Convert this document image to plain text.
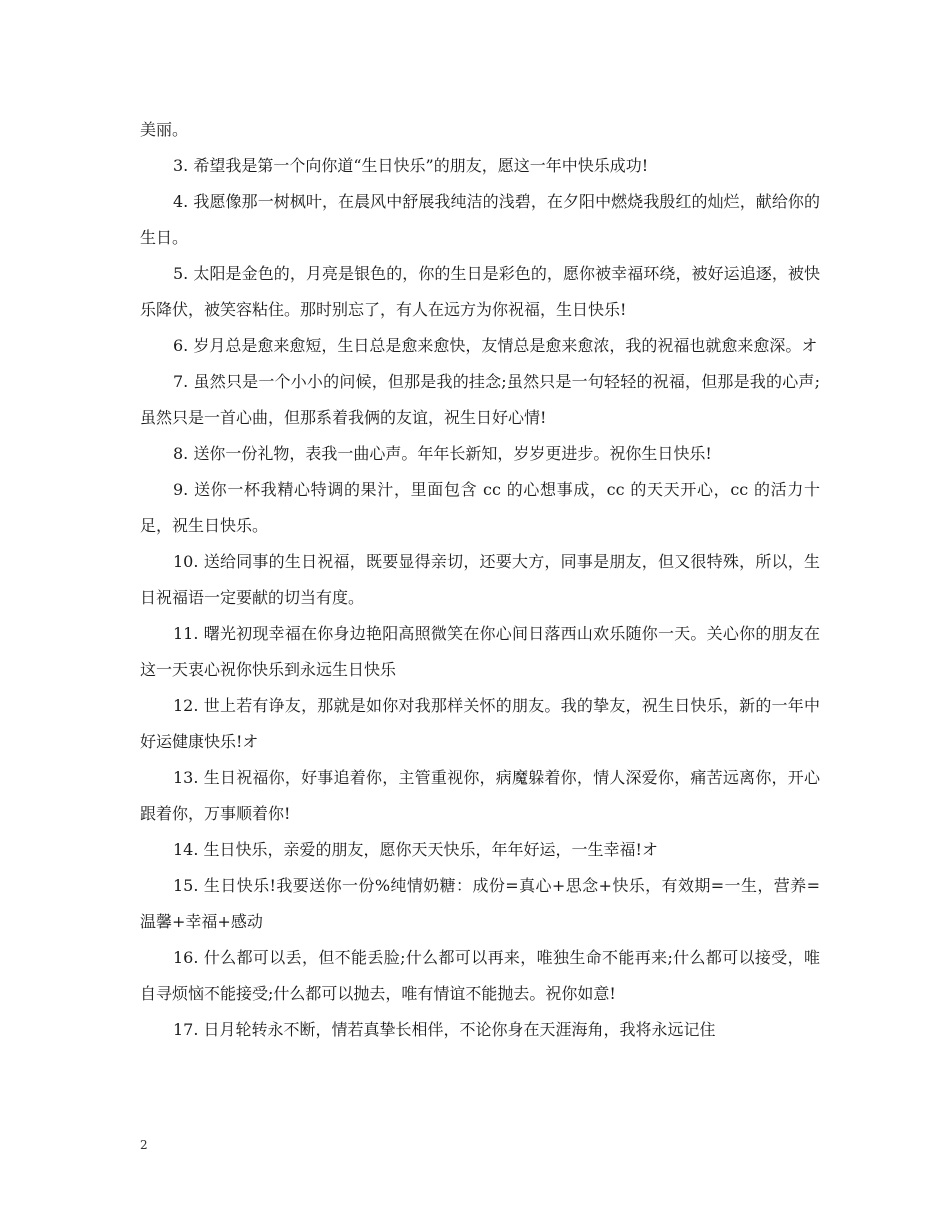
美丽。

3. 希望我是第一个向你道“生日快乐”的朋友，愿这一年中快乐成功!

4. 我愿像那一树枫叶，在晨风中舒展我纯洁的浅碧，在夕阳中燃烧我殷红的灿烂，献给你的生日。

5. 太阳是金色的，月亮是银色的，你的生日是彩色的，愿你被幸福环绕，被好运追逐，被快乐降伏，被笑容粘住。那时别忘了，有人在远方为你祝福，生日快乐!

6. 岁月总是愈来愈短，生日总是愈来愈快，友情总是愈来愈浓，我的祝福也就愈来愈深。オ

7. 虽然只是一个小小的问候，但那是我的挂念;虽然只是一句轻轻的祝福，但那是我的心声;虽然只是一首心曲，但那系着我俩的友谊，祝生日好心情!

8. 送你一份礼物，表我一曲心声。年年长新知，岁岁更进步。祝你生日快乐!

9. 送你一杯我精心特调的果汁，里面包含 cc 的心想事成，cc 的天天开心，cc 的活力十足，祝生日快乐。

10. 送给同事的生日祝福，既要显得亲切，还要大方，同事是朋友，但又很特殊，所以，生日祝福语一定要献的切当有度。

11. 曙光初现幸福在你身边艳阳高照微笑在你心间日落西山欢乐随你一天。关心你的朋友在这一天衷心祝你快乐到永远生日快乐

12. 世上若有诤友，那就是如你对我那样关怀的朋友。我的挚友，祝生日快乐，新的一年中好运健康快乐!オ

13. 生日祝福你，好事追着你，主管重视你，病魔躲着你，情人深爱你，痛苦远离你，开心跟着你，万事顺着你!

14. 生日快乐，亲爱的朋友，愿你天天快乐，年年好运，一生幸福!オ

15. 生日快乐!我要送你一份%纯情奶糖：成份=真心+思念+快乐，有效期=一生，营养=温馨+幸福+感动

16. 什么都可以丢，但不能丢脸;什么都可以再来，唯独生命不能再来;什么都可以接受，唯自寻烦恼不能接受;什么都可以抛去，唯有情谊不能抛去。祝你如意!

17. 日月轮转永不断，情若真挚长相伴，不论你身在天涯海角，我将永远记住

2
